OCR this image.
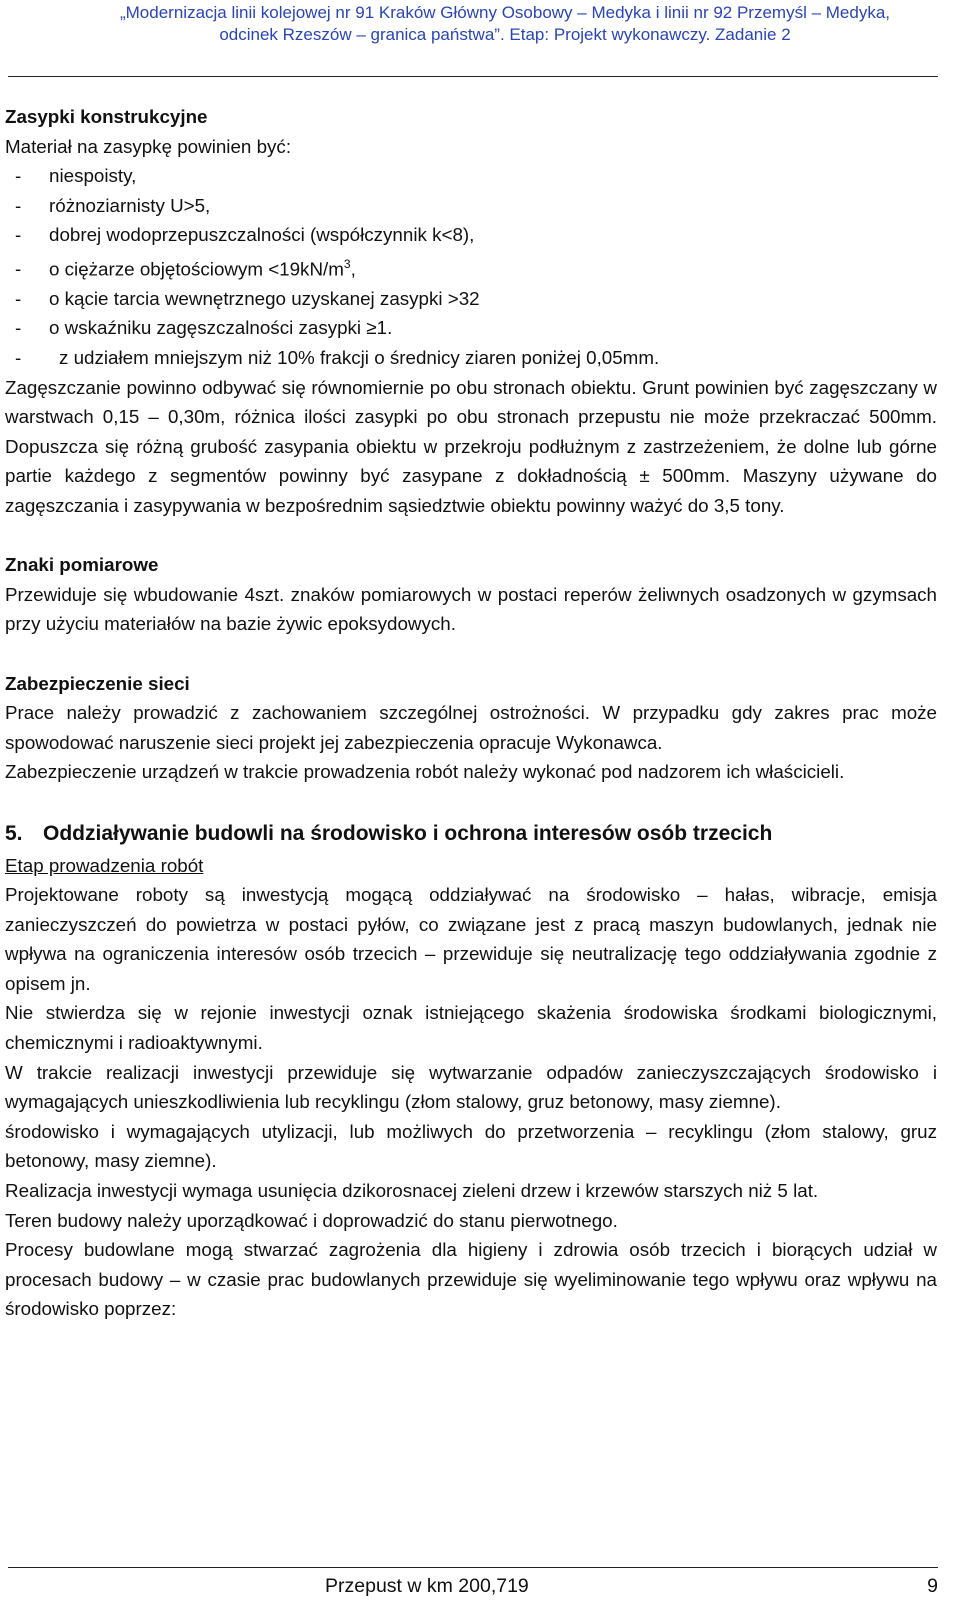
„Modernizacja linii kolejowej nr 91 Kraków Główny Osobowy – Medyka i linii nr 92 Przemyśl – Medyka,
odcinek Rzeszów – granica państwa”. Etap: Projekt wykonawczy. Zadanie 2

Zasypki konstrukcyjne

Materiał na zasypkę powinien być:

- niespoisty,
- różnoziarnisty U>5,
- dobrej wodoprzepuszczalności (współczynnik k<8),
- o ciężarze objętościowym $<19kN/m^3$,
- o kącie tarcia wewnętrznego uzyskanej zasypki >32
- o wskaźniku zagęszczalności zasypki ≥1.
- z udziałem mniejszym niż 10% frakcji o średnicy ziaren poniżej 0,05mm.

Zagęszczanie powinno odbywać się równomiernie po obu stronach obiektu. Grunt powinien być zagęszczany w warstwach 0,15 – 0,30m, różnica ilości zasypki po obu stronach przepustu nie może przekraczać 500mm. Dopuszcza się różną grubość zasypania obiektu w przekroju podłużnym z zastrzeżeniem, że dolne lub górne partie każdego z segmentów powinny być zasypane z dokładnością ± 500mm. Maszyny używane do zagęszczania i zasypywania w bezpośrednim sąsiedztwie obiektu powinny ważyć do 3,5 tony.

Znaki pomiarowe

Przewiduje się wbudowanie 4szt. znaków pomiarowych w postaci reperów żeliwnych osadzonych w gzymsach przy użyciu materiałów na bazie żywic epoksydowych.

Zabezpieczenie sieci

Prace należy prowadzić z zachowaniem szczególnej ostrożności. W przypadku gdy zakres prac może spowodować naruszenie sieci projekt jej zabezpieczenia opracuje Wykonawca.

Zabezpieczenie urządzeń w trakcie prowadzenia robót należy wykonać pod nadzorem ich właścicieli.

5. Oddziaływanie budowli na środowisko i ochrona interesów osób trzecich

Etap prowadzenia robót

Projektowane roboty są inwestycją mogącą oddziaływać na środowisko – hałas, wibracje, emisja zanieczyszczeń do powietrza w postaci pyłów, co związane jest z pracą maszyn budowlanych, jednak nie wpływa na ograniczenia interesów osób trzecich – przewiduje się neutralizację tego oddziaływania zgodnie z opisem jn.

Nie stwierdza się w rejonie inwestycji oznak istniejącego skażenia środowiska środkami biologicznymi, chemicznymi i radioaktywnymi.

W trakcie realizacji inwestycji przewiduje się wytwarzanie odpadów zanieczyszczających środowisko i wymagających unieszkodliwienia lub recyklingu (złom stalowy, gruz betonowy, masy ziemne).

środowisko i wymagających utylizacji, lub możliwych do przetworzenia – recyklingu (złom stalowy, gruz betonowy, masy ziemne).

Realizacja inwestycji wymaga usunięcia dzikorosnacej zieleni drzew i krzewów starszych niż 5 lat.

Teren budowy należy uporządkować i doprowadzić do stanu pierwotnego.

Procesy budowlane mogą stwarzać zagrożenia dla higieny i zdrowia osób trzecich i biorących udział w procesach budowy – w czasie prac budowlanych przewiduje się wyeliminowanie tego wpływu oraz wpływu na środowisko poprzez:

Przepust w km 200,719	9
